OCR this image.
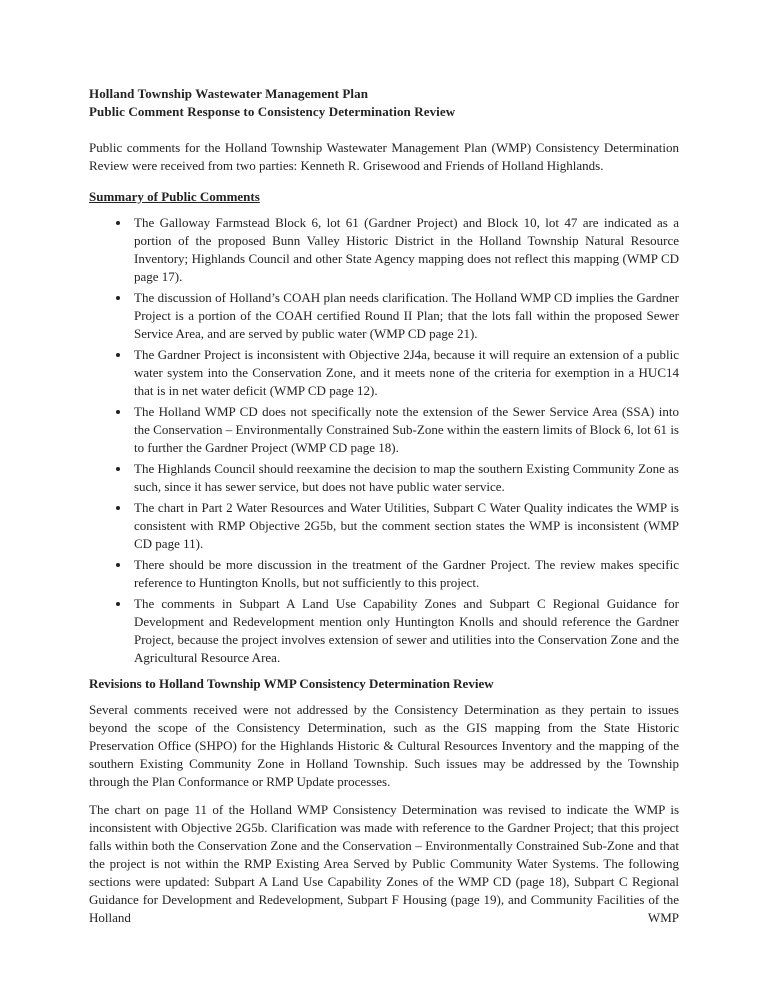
Holland Township Wastewater Management Plan
Public Comment Response to Consistency Determination Review

Public comments for the Holland Township Wastewater Management Plan (WMP) Consistency Determination Review were received from two parties: Kenneth R. Grisewood and Friends of Holland Highlands.

Summary of Public Comments
• The Galloway Farmstead Block 6, lot 61 (Gardner Project) and Block 10, lot 47 are indicated as a portion of the proposed Bunn Valley Historic District in the Holland Township Natural Resource Inventory; Highlands Council and other State Agency mapping does not reflect this mapping (WMP CD page 17).
• The discussion of Holland’s COAH plan needs clarification. The Holland WMP CD implies the Gardner Project is a portion of the COAH certified Round II Plan; that the lots fall within the proposed Sewer Service Area, and are served by public water (WMP CD page 21).
• The Gardner Project is inconsistent with Objective 2J4a, because it will require an extension of a public water system into the Conservation Zone, and it meets none of the criteria for exemption in a HUC14 that is in net water deficit (WMP CD page 12).
• The Holland WMP CD does not specifically note the extension of the Sewer Service Area (SSA) into the Conservation – Environmentally Constrained Sub-Zone within the eastern limits of Block 6, lot 61 is to further the Gardner Project (WMP CD page 18).
• The Highlands Council should reexamine the decision to map the southern Existing Community Zone as such, since it has sewer service, but does not have public water service.
• The chart in Part 2 Water Resources and Water Utilities, Subpart C Water Quality indicates the WMP is consistent with RMP Objective 2G5b, but the comment section states the WMP is inconsistent (WMP CD page 11).
• There should be more discussion in the treatment of the Gardner Project. The review makes specific reference to Huntington Knolls, but not sufficiently to this project.
• The comments in Subpart A Land Use Capability Zones and Subpart C Regional Guidance for Development and Redevelopment mention only Huntington Knolls and should reference the Gardner Project, because the project involves extension of sewer and utilities into the Conservation Zone and the Agricultural Resource Area.
Revisions to Holland Township WMP Consistency Determination Review

Several comments received were not addressed by the Consistency Determination as they pertain to issues beyond the scope of the Consistency Determination, such as the GIS mapping from the State Historic Preservation Office (SHPO) for the Highlands Historic & Cultural Resources Inventory and the mapping of the southern Existing Community Zone in Holland Township. Such issues may be addressed by the Township through the Plan Conformance or RMP Update processes.

The chart on page 11 of the Holland WMP Consistency Determination was revised to indicate the WMP is inconsistent with Objective 2G5b. Clarification was made with reference to the Gardner Project; that this project falls within both the Conservation Zone and the Conservation – Environmentally Constrained Sub-Zone and that the project is not within the RMP Existing Area Served by Public Community Water Systems. The following sections were updated: Subpart A Land Use Capability Zones of the WMP CD (page 18), Subpart C Regional Guidance for Development and Redevelopment, Subpart F Housing (page 19), and Community Facilities of the Holland WMP
